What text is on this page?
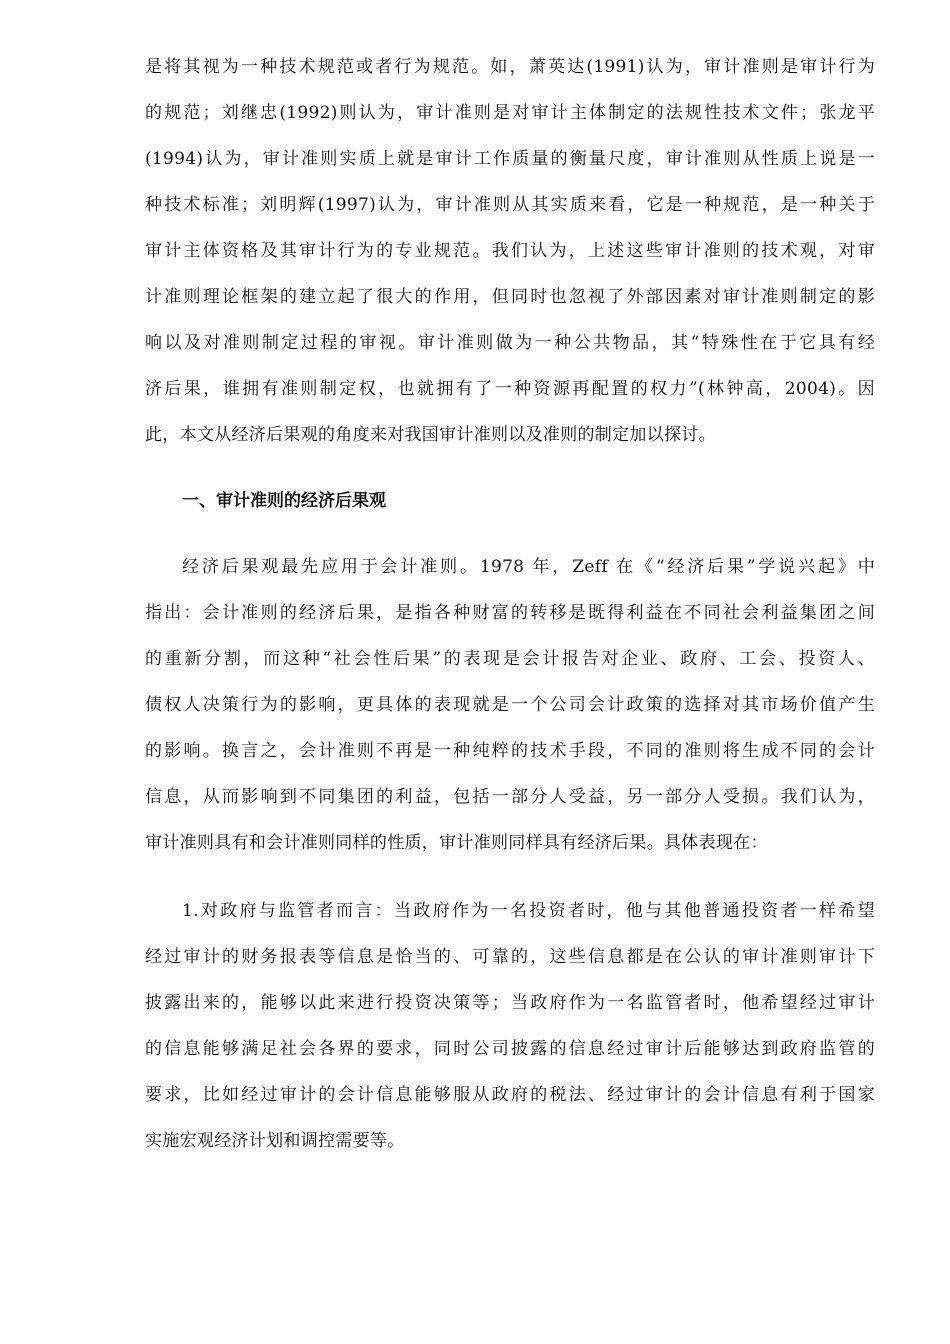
是将其视为一种技术规范或者行为规范。如，萧英达(1991)认为，审计准则是审计行为
的规范；刘继忠(1992)则认为，审计准则是对审计主体制定的法规性技术文件；张龙平
(1994)认为，审计准则实质上就是审计工作质量的衡量尺度，审计准则从性质上说是一
种技术标准；刘明辉(1997)认为，审计准则从其实质来看，它是一种规范，是一种关于
审计主体资格及其审计行为的专业规范。我们认为，上述这些审计准则的技术观，对审
计准则理论框架的建立起了很大的作用，但同时也忽视了外部因素对审计准则制定的影
响以及对准则制定过程的审视。审计准则做为一种公共物品，其“特殊性在于它具有经
济后果，谁拥有准则制定权，也就拥有了一种资源再配置的权力”(林钟高，2004)。因
此，本文从经济后果观的角度来对我国审计准则以及准则的制定加以探讨。
一、审计准则的经济后果观
经济后果观最先应用于会计准则。1978 年，Zeff 在《“经济后果”学说兴起》中
指出：会计准则的经济后果，是指各种财富的转移是既得利益在不同社会利益集团之间
的重新分割，而这种“社会性后果”的表现是会计报告对企业、政府、工会、投资人、
债权人决策行为的影响，更具体的表现就是一个公司会计政策的选择对其市场价值产生
的影响。换言之，会计准则不再是一种纯粹的技术手段，不同的准则将生成不同的会计
信息，从而影响到不同集团的利益，包括一部分人受益，另一部分人受损。我们认为，
审计准则具有和会计准则同样的性质，审计准则同样具有经济后果。具体表现在：
1.对政府与监管者而言：当政府作为一名投资者时，他与其他普通投资者一样希望
经过审计的财务报表等信息是恰当的、可靠的，这些信息都是在公认的审计准则审计下
披露出来的，能够以此来进行投资决策等；当政府作为一名监管者时，他希望经过审计
的信息能够满足社会各界的要求，同时公司披露的信息经过审计后能够达到政府监管的
要求，比如经过审计的会计信息能够服从政府的税法、经过审计的会计信息有利于国家
实施宏观经济计划和调控需要等。
